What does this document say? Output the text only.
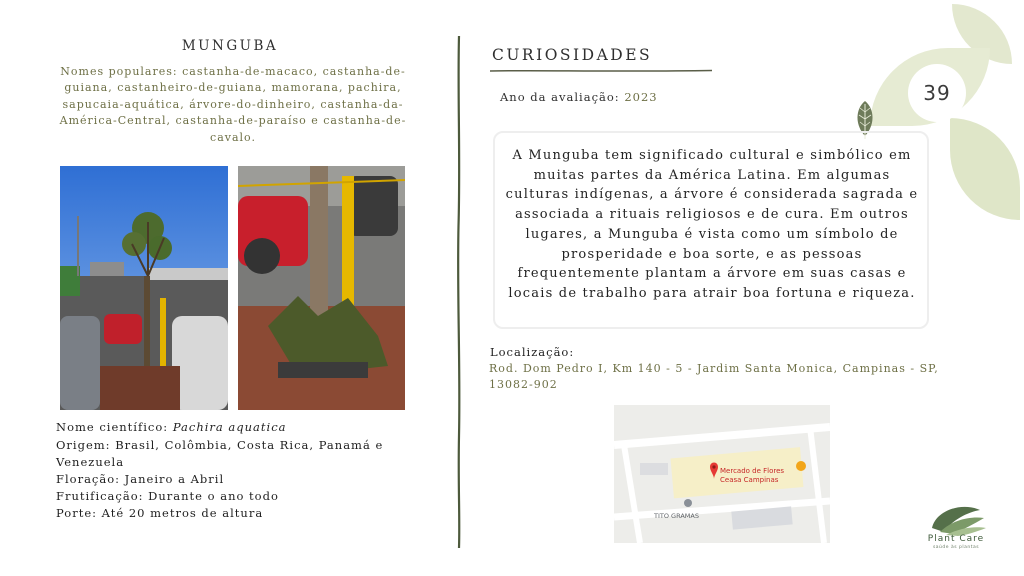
39
MUNGUBA
Nomes populares: castanha-de-macaco, castanha-de-guiana, castanheiro-de-guiana, mamorana, pachira, sapucaia-aquática, árvore-do-dinheiro, castanha-da-América-Central, castanha-de-paraíso e castanha-de-cavalo.
Nome científico: Pachira aquatica
Origem: Brasil, Colômbia, Costa Rica, Panamá e Venezuela
Floração: Janeiro a Abril
Frutificação: Durante o ano todo
Porte: Até 20 metros de altura
CURIOSIDADES
Ano da avaliação: 2023
A Munguba tem significado cultural e simbólico em muitas partes da América Latina. Em algumas culturas indígenas, a árvore é considerada sagrada e associada a rituais religiosos e de cura. Em outros lugares, a Munguba é vista como um símbolo de prosperidade e boa sorte, e as pessoas frequentemente plantam a árvore em suas casas e locais de trabalho para atrair boa fortuna e riqueza.
Localização:
Rod. Dom Pedro I, Km 140 - 5 - Jardim Santa Monica, Campinas - SP, 13082-902
Mercado de Flores
Ceasa Campinas
TITO GRAMAS
Plant Care
saúde às plantas
